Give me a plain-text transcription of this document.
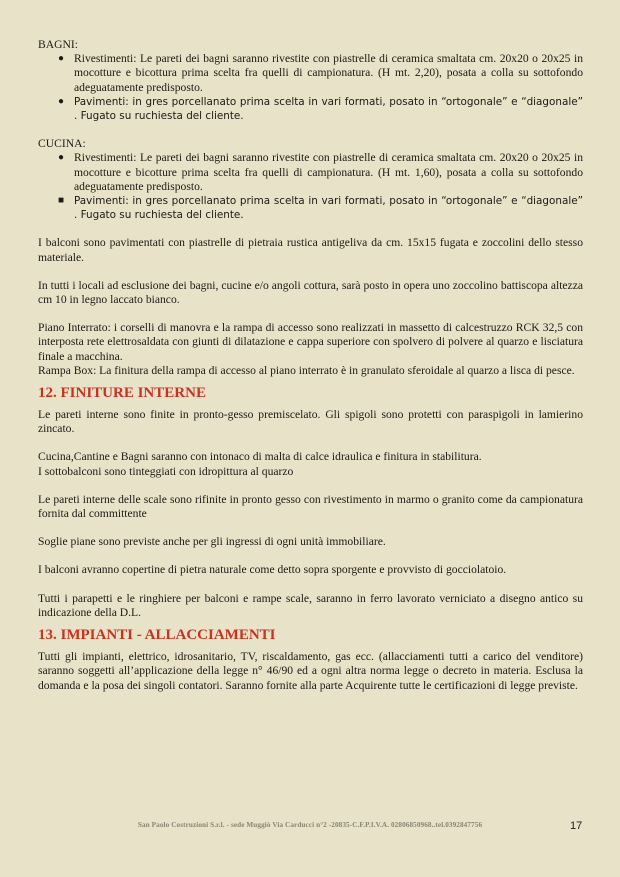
BAGNI:

● Rivestimenti: Le pareti dei bagni saranno rivestite con piastrelle di ceramica smaltata cm. 20x20 o 20x25 in mocotture e bicottura prima scelta fra quelli di campionatura. (H mt. 2,20), posata a colla su sottofondo adeguatamente predisposto.
● Pavimenti: in gres porcellanato prima scelta in vari formati, posato in “ortogonale” e “diagonale” . Fugato su ruchiesta del cliente.

CUCINA:

● Rivestimenti: Le pareti dei bagni saranno rivestite con piastrelle di ceramica smaltata cm. 20x20 o 20x25 in mocotture e bicotture prima scelta fra quelli di campionatura. (H mt. 1,60), posata a colla su sottofondo adeguatamente predisposto.
■ Pavimenti: in gres porcellanato prima scelta in vari formati, posato in “ortogonale” e “diagonale” . Fugato su ruchiesta del cliente.

I balconi sono pavimentati con piastrelle di pietraia rustica antigeliva da cm. 15x15 fugata e zoccolini dello stesso materiale.

In tutti i locali ad esclusione dei bagni, cucine e/o angoli cottura, sarà posto in opera uno zoccolino battiscopa altezza cm 10 in legno laccato bianco.

Piano Interrato: i corselli di manovra e la rampa di accesso sono realizzati in massetto di calcestruzzo RCK 32,5 con interposta rete elettrosaldata con giunti di dilatazione e cappa superiore con spolvero di polvere al quarzo e lisciatura finale a macchina.

Rampa Box: La finitura della rampa di accesso al piano interrato è in granulato sferoidale al quarzo a lisca di pesce.

12. FINITURE INTERNE

Le pareti interne sono finite in pronto-gesso premiscelato. Gli spigoli sono protetti con paraspigoli in lamierino zincato.

Cucina,Cantine e Bagni saranno con intonaco di malta di calce idraulica e finitura in stabilitura.

I sottobalconi sono tinteggiati con idropittura al quarzo

Le pareti interne delle scale sono rifinite in pronto gesso con rivestimento in marmo o granito come da campionatura fornita dal committente

Soglie piane sono previste anche per gli ingressi di ogni unità immobiliare.

I balconi avranno copertine di pietra naturale come detto sopra sporgente e provvisto di gocciolatoio.

Tutti i parapetti e le ringhiere per balconi e rampe scale, saranno in ferro lavorato verniciato a disegno antico su indicazione della D.L.

13. IMPIANTI - ALLACCIAMENTI

Tutti gli impianti, elettrico, idrosanitario, TV, riscaldamento, gas ecc. (allacciamenti tutti a carico del venditore) saranno soggetti all’applicazione della legge n° 46/90 ed a ogni altra norma legge o decreto in materia. Esclusa la domanda e la posa dei singoli contatori. Saranno fornite alla parte Acquirente tutte le certificazioni di legge previste.

San Paolo Costruzioni S.r.l. - sede Muggiò Via Carducci n°2 -20835-C.F.P.I.V.A. 02806850968..tel.0392847756	17
